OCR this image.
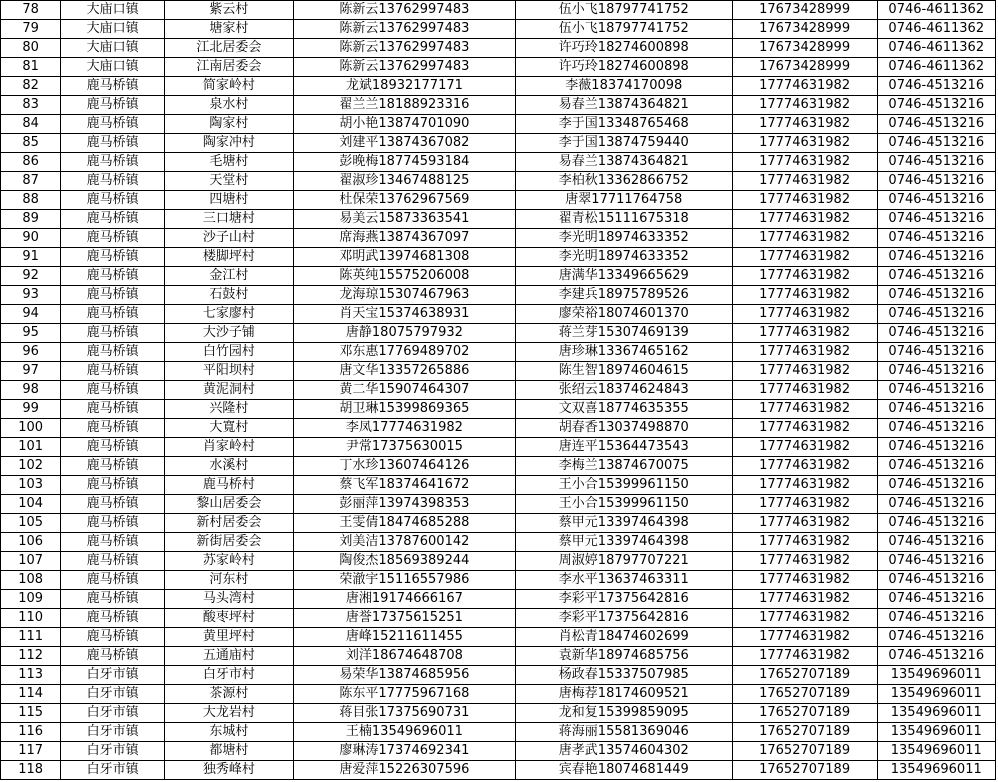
78	大庙口镇	紫云村	陈新云13762997483	伍小飞18797741752	17673428999	0746-4611362
79	大庙口镇	塘家村	陈新云13762997483	伍小飞18797741752	17673428999	0746-4611362
80	大庙口镇	江北居委会	陈新云13762997483	许巧玲18274600898	17673428999	0746-4611362
81	大庙口镇	江南居委会	陈新云13762997483	许巧玲18274600898	17673428999	0746-4611362
82	鹿马桥镇	简家岭村	龙斌18932177171	李薇18374170098	17774631982	0746-4513216
83	鹿马桥镇	泉水村	翟兰兰18188923316	易春兰13874364821	17774631982	0746-4513216
84	鹿马桥镇	陶家村	胡小艳13874701090	李于国13348765468	17774631982	0746-4513216
85	鹿马桥镇	陶家冲村	刘建平13874367082	李于国13874759440	17774631982	0746-4513216
86	鹿马桥镇	毛塘村	彭晚梅18774593184	易春兰13874364821	17774631982	0746-4513216
87	鹿马桥镇	天堂村	翟淑珍13467488125	李柏秋13362866752	17774631982	0746-4513216
88	鹿马桥镇	四塘村	杜保荣13762967569	唐翠17711764758	17774631982	0746-4513216
89	鹿马桥镇	三口塘村	易美云15873363541	翟青松15111675318	17774631982	0746-4513216
90	鹿马桥镇	沙子山村	席海燕13874367097	李光明18974633352	17774631982	0746-4513216
91	鹿马桥镇	楼脚坪村	邓明武13974681308	李光明18974633352	17774631982	0746-4513216
92	鹿马桥镇	金江村	陈英纯15575206008	唐满华13349665629	17774631982	0746-4513216
93	鹿马桥镇	石鼓村	龙海琼15307467963	李建兵18975789526	17774631982	0746-4513216
94	鹿马桥镇	七家廖村	肖天宝15374638931	廖荣裕18074601370	17774631982	0746-4513216
95	鹿马桥镇	大沙子铺	唐静18075797932	蒋兰芽15307469139	17774631982	0746-4513216
96	鹿马桥镇	白竹园村	邓东惠17769489702	唐珍琳13367465162	17774631982	0746-4513216
97	鹿马桥镇	平阳坝村	唐文华13357265886	陈生智18974604615	17774631982	0746-4513216
98	鹿马桥镇	黄泥洞村	黄二华15907464307	张绍云18374624843	17774631982	0746-4513216
99	鹿马桥镇	兴隆村	胡卫琳15399869365	文双喜18774635355	17774631982	0746-4513216
100	鹿马桥镇	大寬村	李凤17774631982	胡春香13037498870	17774631982	0746-4513216
101	鹿马桥镇	肖家岭村	尹常17375630015	唐连平15364473543	17774631982	0746-4513216
102	鹿马桥镇	水溪村	丁水珍13607464126	李梅兰13874670075	17774631982	0746-4513216
103	鹿马桥镇	鹿马桥村	蔡飞军18374641672	王小合15399961150	17774631982	0746-4513216
104	鹿马桥镇	黎山居委会	彭丽萍13974398353	王小合15399961150	17774631982	0746-4513216
105	鹿马桥镇	新村居委会	王雯倩18474685288	蔡甲元13397464398	17774631982	0746-4513216
106	鹿马桥镇	新街居委会	刘美洁13787600142	蔡甲元13397464398	17774631982	0746-4513216
107	鹿马桥镇	苏家岭村	陶俊杰18569389244	周淑婷18797707221	17774631982	0746-4513216
108	鹿马桥镇	河东村	荣澈宇15116557986	李水平13637463311	17774631982	0746-4513216
109	鹿马桥镇	马头湾村	唐湘19174666167	李彩平17375642816	17774631982	0746-4513216
110	鹿马桥镇	酸枣坪村	唐誉17375615251	李彩平17375642816	17774631982	0746-4513216
111	鹿马桥镇	黄里坪村	唐峰15211611455	肖松青18474602699	17774631982	0746-4513216
112	鹿马桥镇	五通庙村	刘洋18674648708	袁新华18974685756	17774631982	0746-4513216
113	白牙市镇	白牙市村	易荣华13874685956	杨政春15337507985	17652707189	13549696011
114	白牙市镇	茶源村	陈东平17775967168	唐梅荐18174609521	17652707189	13549696011
115	白牙市镇	大龙岩村	蒋目张17375690731	龙和复15399859095	17652707189	13549696011
116	白牙市镇	东城村	王楠13549696011	蒋海丽15581369046	17652707189	13549696011
117	白牙市镇	都塘村	廖琳涛17374692341	唐孝武13574604302	17652707189	13549696011
118	白牙市镇	独秀峰村	唐爱萍15226307596	宾春艳18074681449	17652707189	13549696011
